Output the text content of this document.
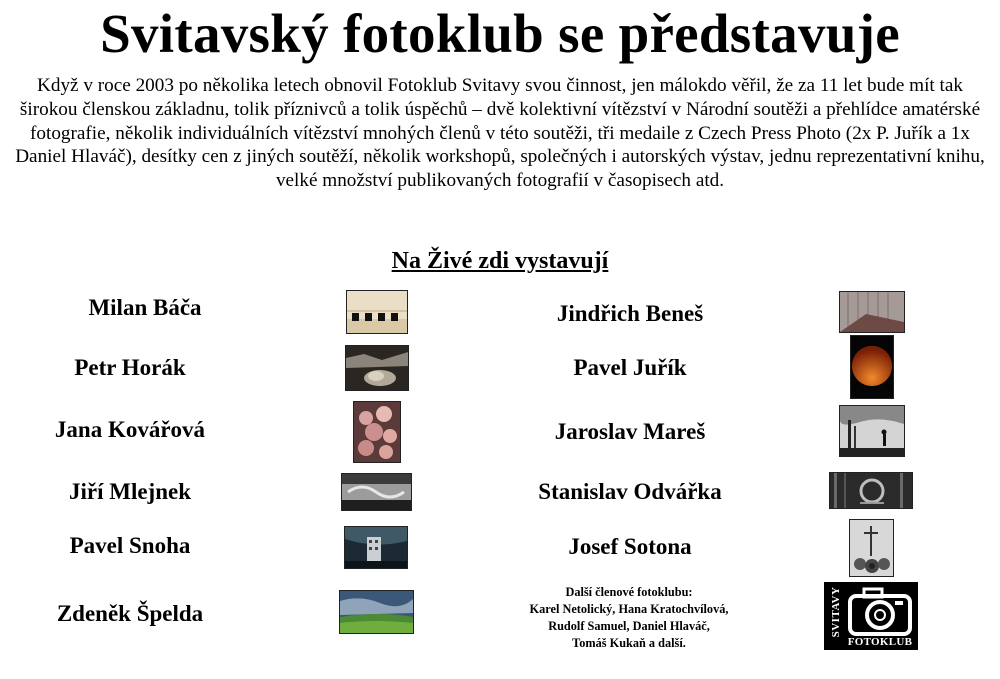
Svitavský fotoklub se představuje
Když v roce 2003 po několika letech obnovil Fotoklub Svitavy svou činnost, jen málokdo věřil, že za 11 let bude mít tak širokou členskou základnu, tolik příznivců a tolik úspěchů – dvě kolektivní vítězství v Národní soutěži a přehlídce amatérské fotografie, několik individuálních vítězství mnohých členů v této soutěži, tři medaile z Czech Press Photo (2x P. Juřík a 1x Daniel Hlaváč), desítky cen z jiných soutěží, několik workshopů, společných i autorských výstav, jednu reprezentativní knihu, velké množství publikovaných fotografií v časopisech atd.
Na Živé zdi vystavují
Milan Báča
Petr Horák
Jana Kovářová
Jiří Mlejnek
Pavel Snoha
Zdeněk Špelda
Jindřich Beneš
Pavel Juřík
Jaroslav Mareš
Stanislav Odvářka
Josef Sotona
Další členové fotoklubu:
Karel Netolický, Hana Kratochvílová,
Rudolf Samuel, Daniel Hlaváč,
Tomáš Kukaň a další.
SVITAVY
FOTOKLUB
